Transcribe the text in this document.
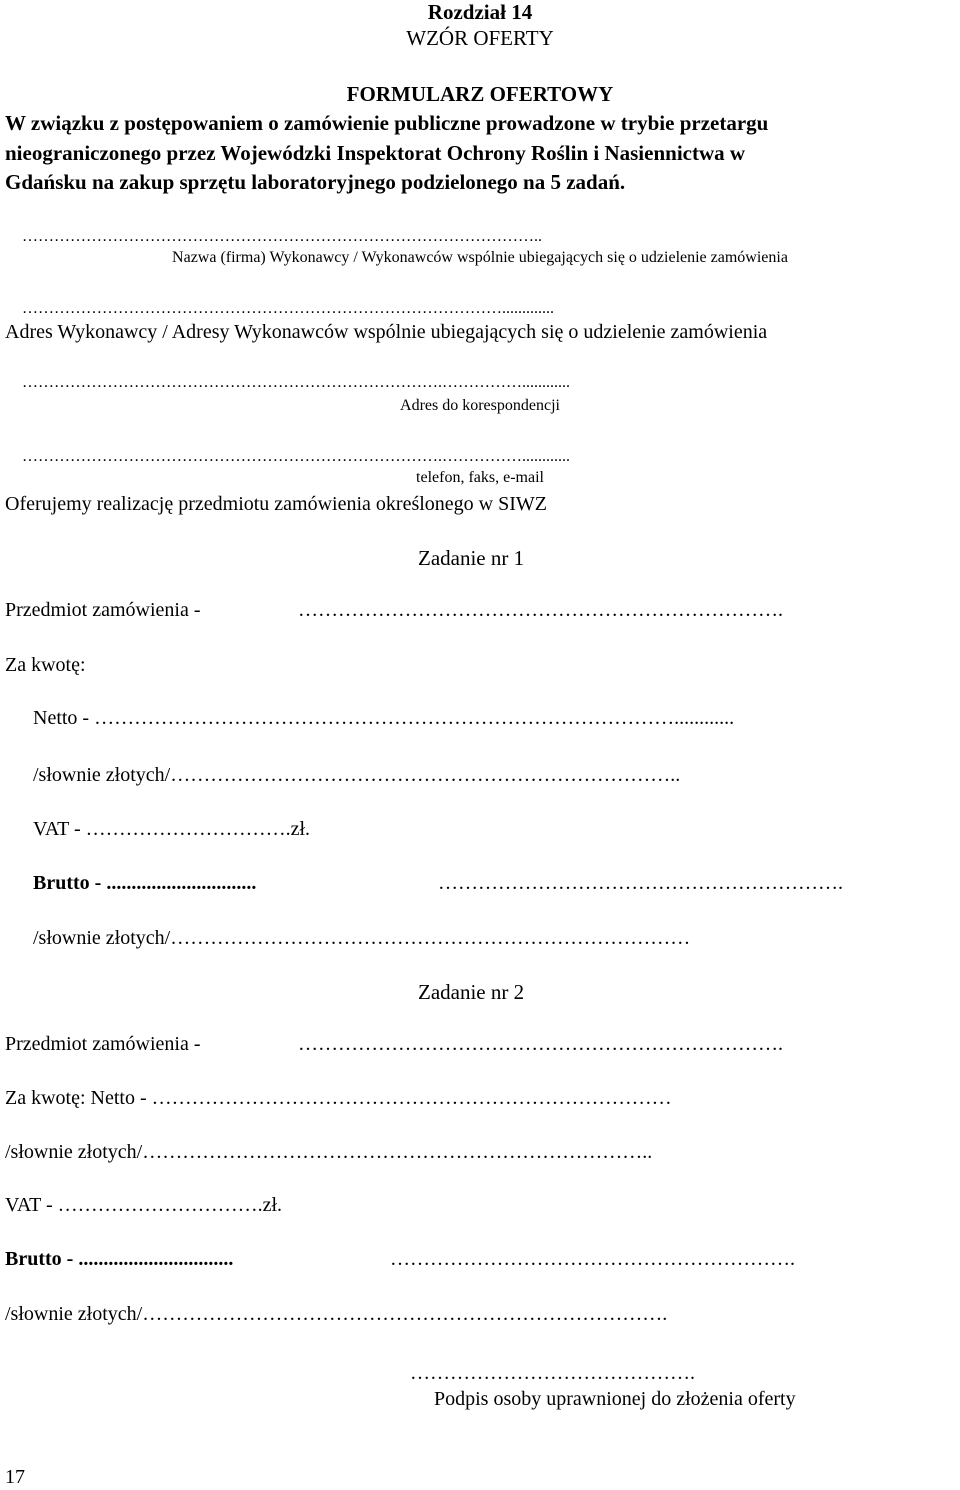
Rozdział 14
WZÓR OFERTY
FORMULARZ OFERTOWY
W związku z postępowaniem o zamówienie publiczne prowadzone w trybie przetargu
nieograniczonego przez Wojewódzki Inspektorat Ochrony Roślin i Nasiennictwa w
Gdańsku na zakup sprzętu laboratoryjnego podzielonego na 5 zadań.
……………………………………………………………………………………..
Nazwa (firma) Wykonawcy / Wykonawców wspólnie ubiegających się o udzielenie zamówienia
……………………………………………………………………………….............
Adres Wykonawcy / Adresy Wykonawców wspólnie ubiegających się o udzielenie zamówienia
…………………………………………………………………….……………............
Adres do korespondencji
…………………………………………………………………….……………............
telefon, faks, e-mail
Oferujemy realizację przedmiotu zamówienia określonego w SIWZ
Zadanie nr 1
Przedmiot zamówienia -	……………………………………………………………….
Za kwotę:
Netto - ……………………………………………………………………………............
/słownie złotych/…………………………………………………………………..
VAT - ………………………….zł.
Brutto - ..............................	…………………………………………………….
/słownie złotych/……………………………………………………………………
Zadanie nr 2
Przedmiot zamówienia -	……………………………………………………………….
Za kwotę: Netto - ……………………………………………………………………
/słownie złotych/…………………………………………………………………..
VAT - ………………………….zł.
Brutto - ...............................	…………………………………………………….
/słownie złotych/…………………………………………………………………….
…………………………………….
Podpis osoby uprawnionej do złożenia oferty
17
